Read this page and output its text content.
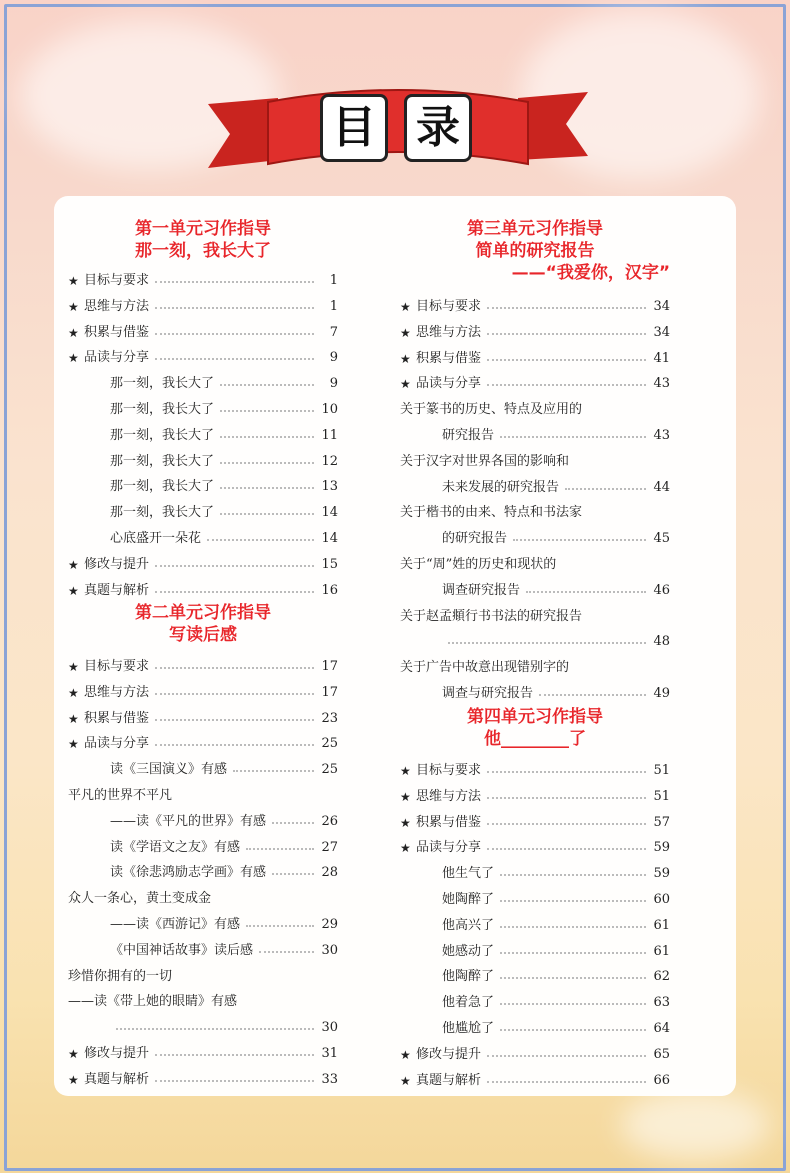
目 录
第一单元习作指导
那一刻，我长大了
★ 目标与要求	1
★ 思维与方法	1
★ 积累与借鉴	7
★ 品读与分享	9
那一刻，我长大了	9
那一刻，我长大了	10
那一刻，我长大了	11
那一刻，我长大了	12
那一刻，我长大了	13
那一刻，我长大了	14
心底盛开一朵花	14
★ 修改与提升	15
★ 真题与解析	16
第二单元习作指导
写读后感
★ 目标与要求	17
★ 思维与方法	17
★ 积累与借鉴	23
★ 品读与分享	25
读《三国演义》有感	25
平凡的世界不平凡
——读《平凡的世界》有感	26
读《学语文之友》有感	27
读《徐悲鸿励志学画》有感	28
众人一条心，黄土变成金
——读《西游记》有感	29
《中国神话故事》读后感	30
珍惜你拥有的一切
——读《带上她的眼睛》有感
30
★ 修改与提升	31
★ 真题与解析	33
第三单元习作指导
简单的研究报告
——“我爱你，汉字”
★ 目标与要求	34
★ 思维与方法	34
★ 积累与借鉴	41
★ 品读与分享	43
关于篆书的历史、特点及应用的
研究报告	43
关于汉字对世界各国的影响和
未来发展的研究报告	44
关于楷书的由来、特点和书法家
的研究报告	45
关于“周”姓的历史和现状的
调查研究报告	46
关于赵孟頫行书书法的研究报告
48
关于广告中故意出现错别字的
调查与研究报告	49
第四单元习作指导
他________了
★ 目标与要求	51
★ 思维与方法	51
★ 积累与借鉴	57
★ 品读与分享	59
他生气了	59
她陶醉了	60
他高兴了	61
她感动了	61
他陶醉了	62
他着急了	63
他尴尬了	64
★ 修改与提升	65
★ 真题与解析	66
